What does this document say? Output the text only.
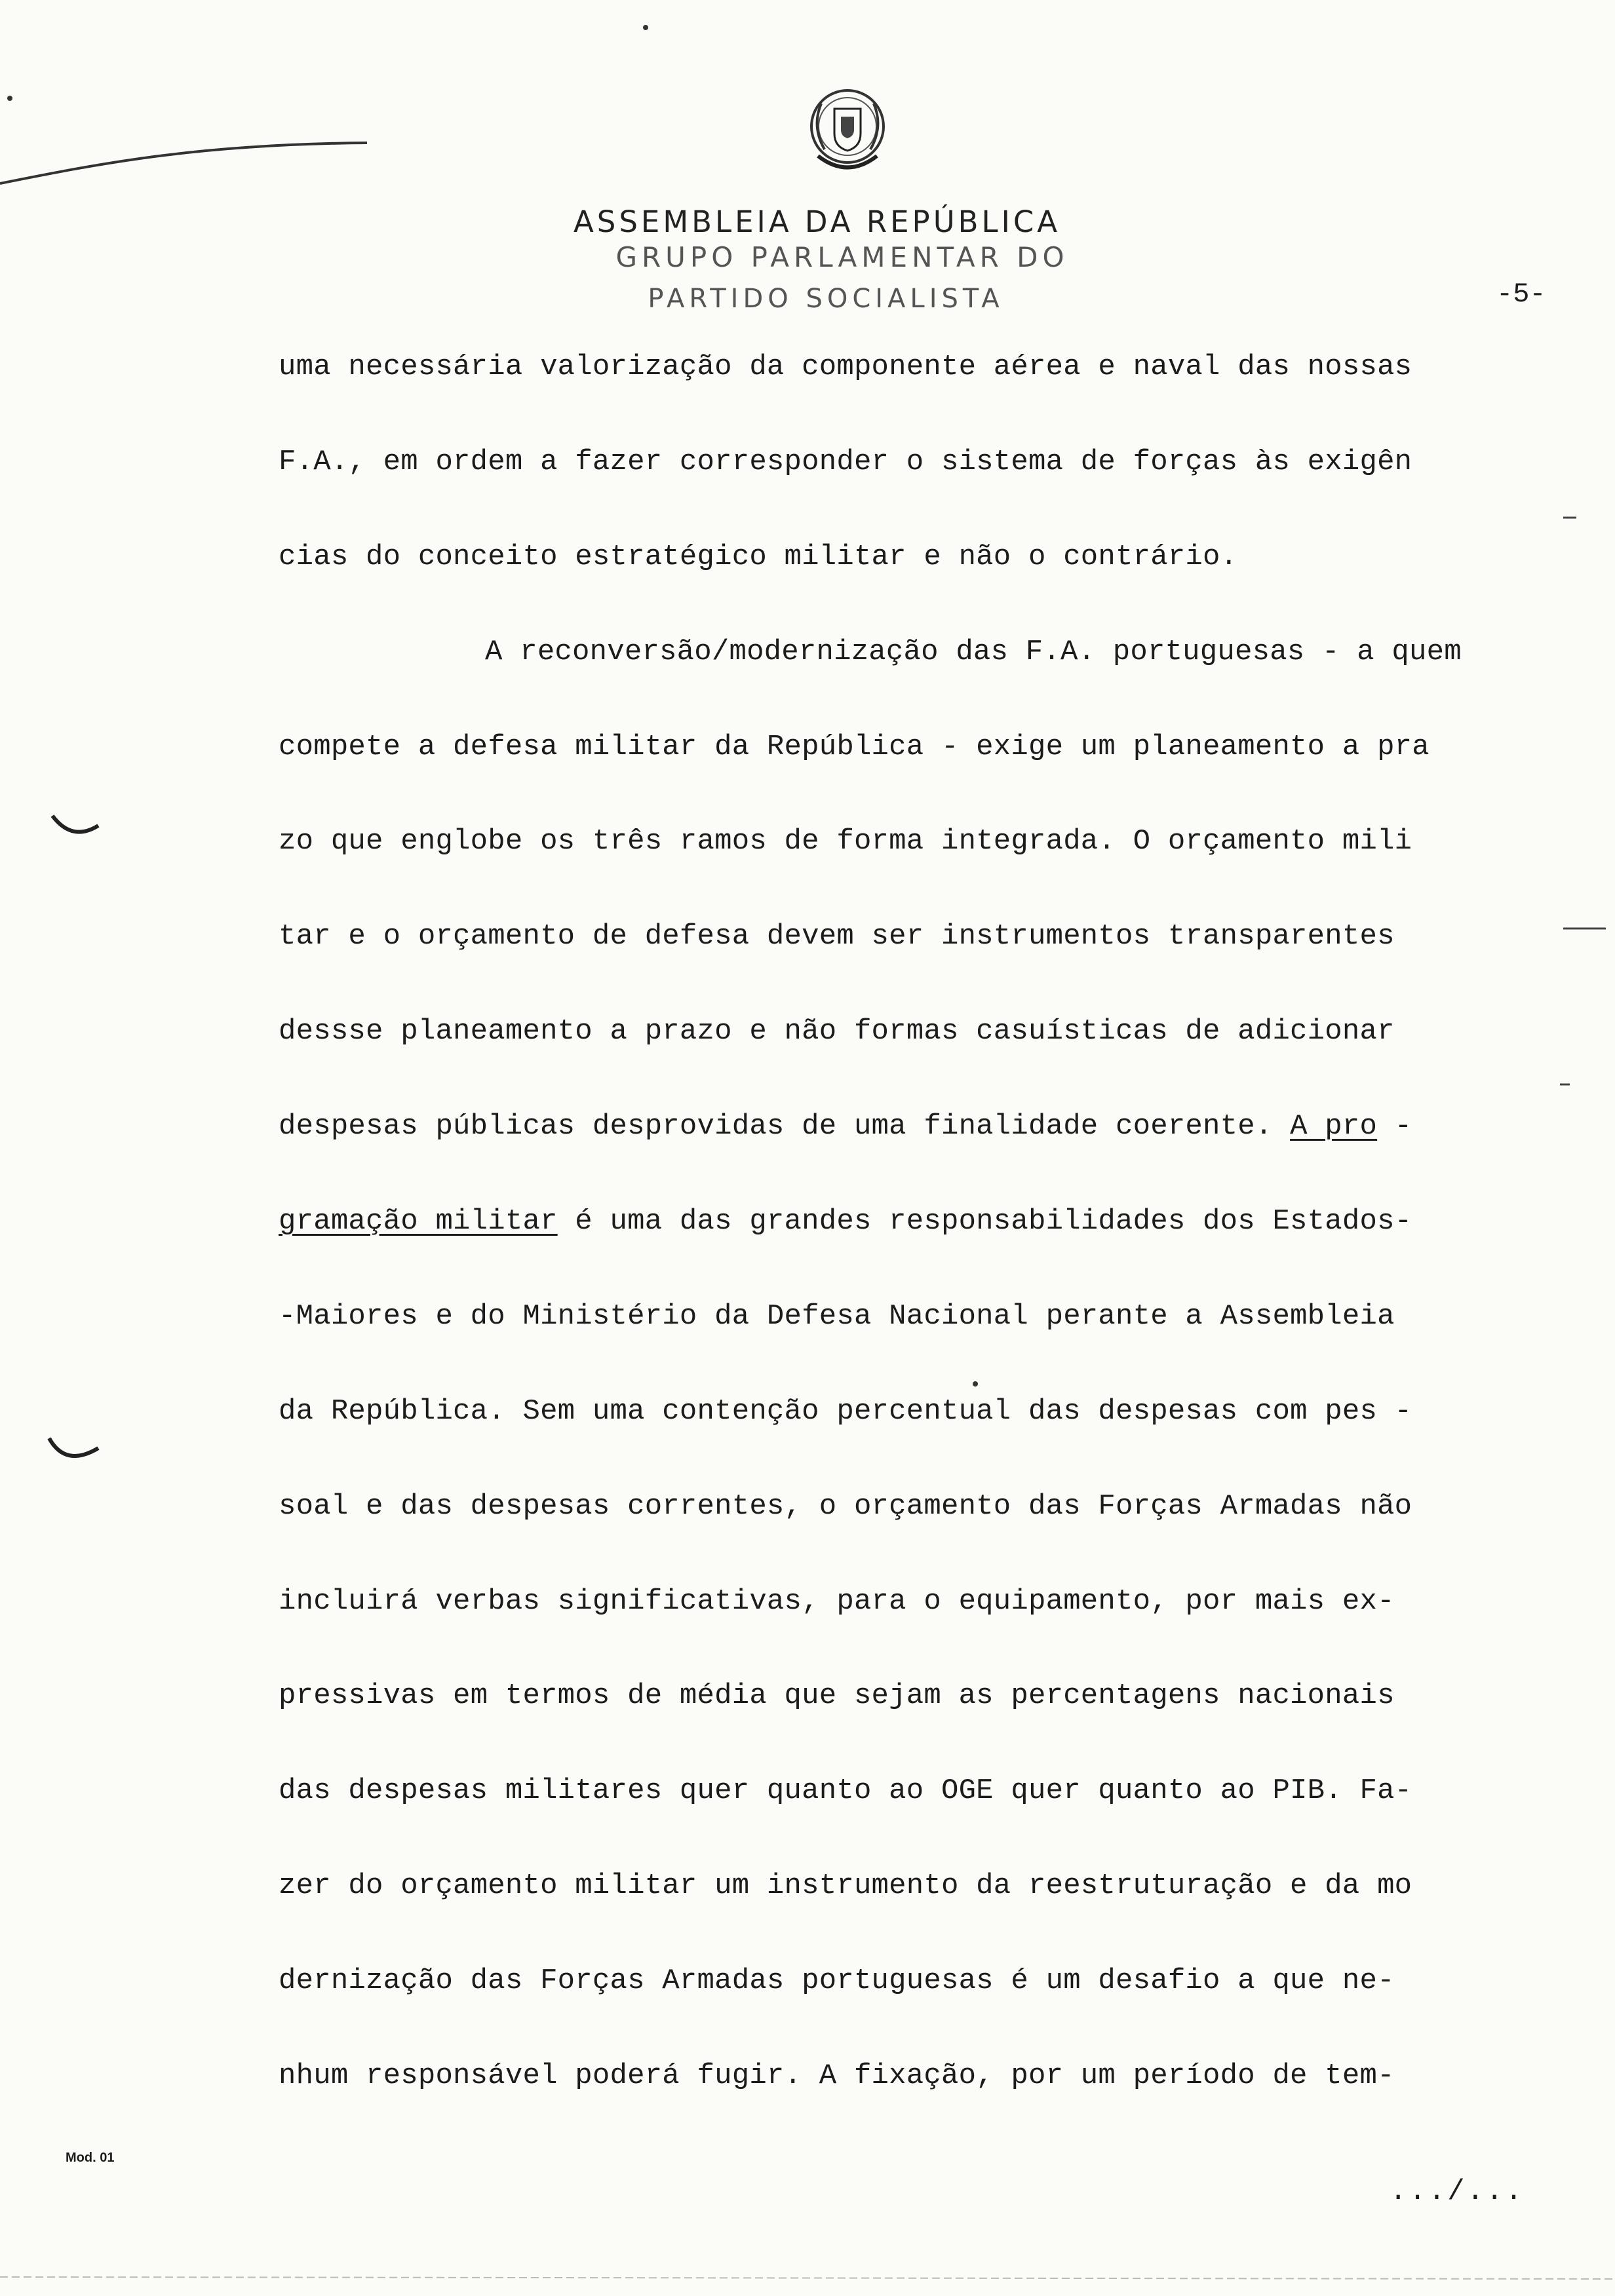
ASSEMBLEIA DA REPÚBLICA
GRUPO PARLAMENTAR DO
PARTIDO SOCIALISTA	-5-
uma necessária valorização da componente aérea e naval das nossas
F.A., em ordem a fazer corresponder o sistema de forças às exigên
cias do conceito estratégico militar e não o contrário.
A reconversão/modernização das F.A. portuguesas - a quem
compete a defesa militar da República - exige um planeamento a pra
zo que englobe os três ramos de forma integrada. O orçamento mili
tar e o orçamento de defesa devem ser instrumentos transparentes
dessse planeamento a prazo e não formas casuísticas de adicionar
despesas públicas desprovidas de uma finalidade coerente. A pro -
gramação militar é uma das grandes responsabilidades dos Estados-
-Maiores e do Ministério da Defesa Nacional perante a Assembleia
da República. Sem uma contenção percentual das despesas com pes -
soal e das despesas correntes, o orçamento das Forças Armadas não
incluirá verbas significativas, para o equipamento, por mais ex-
pressivas em termos de média que sejam as percentagens nacionais
das despesas militares quer quanto ao OGE quer quanto ao PIB. Fa-
zer do orçamento militar um instrumento da reestruturação e da mo
dernização das Forças Armadas portuguesas é um desafio a que ne-
nhum responsável poderá fugir. A fixação, por um período de tem-
.../...
Mod. 01
